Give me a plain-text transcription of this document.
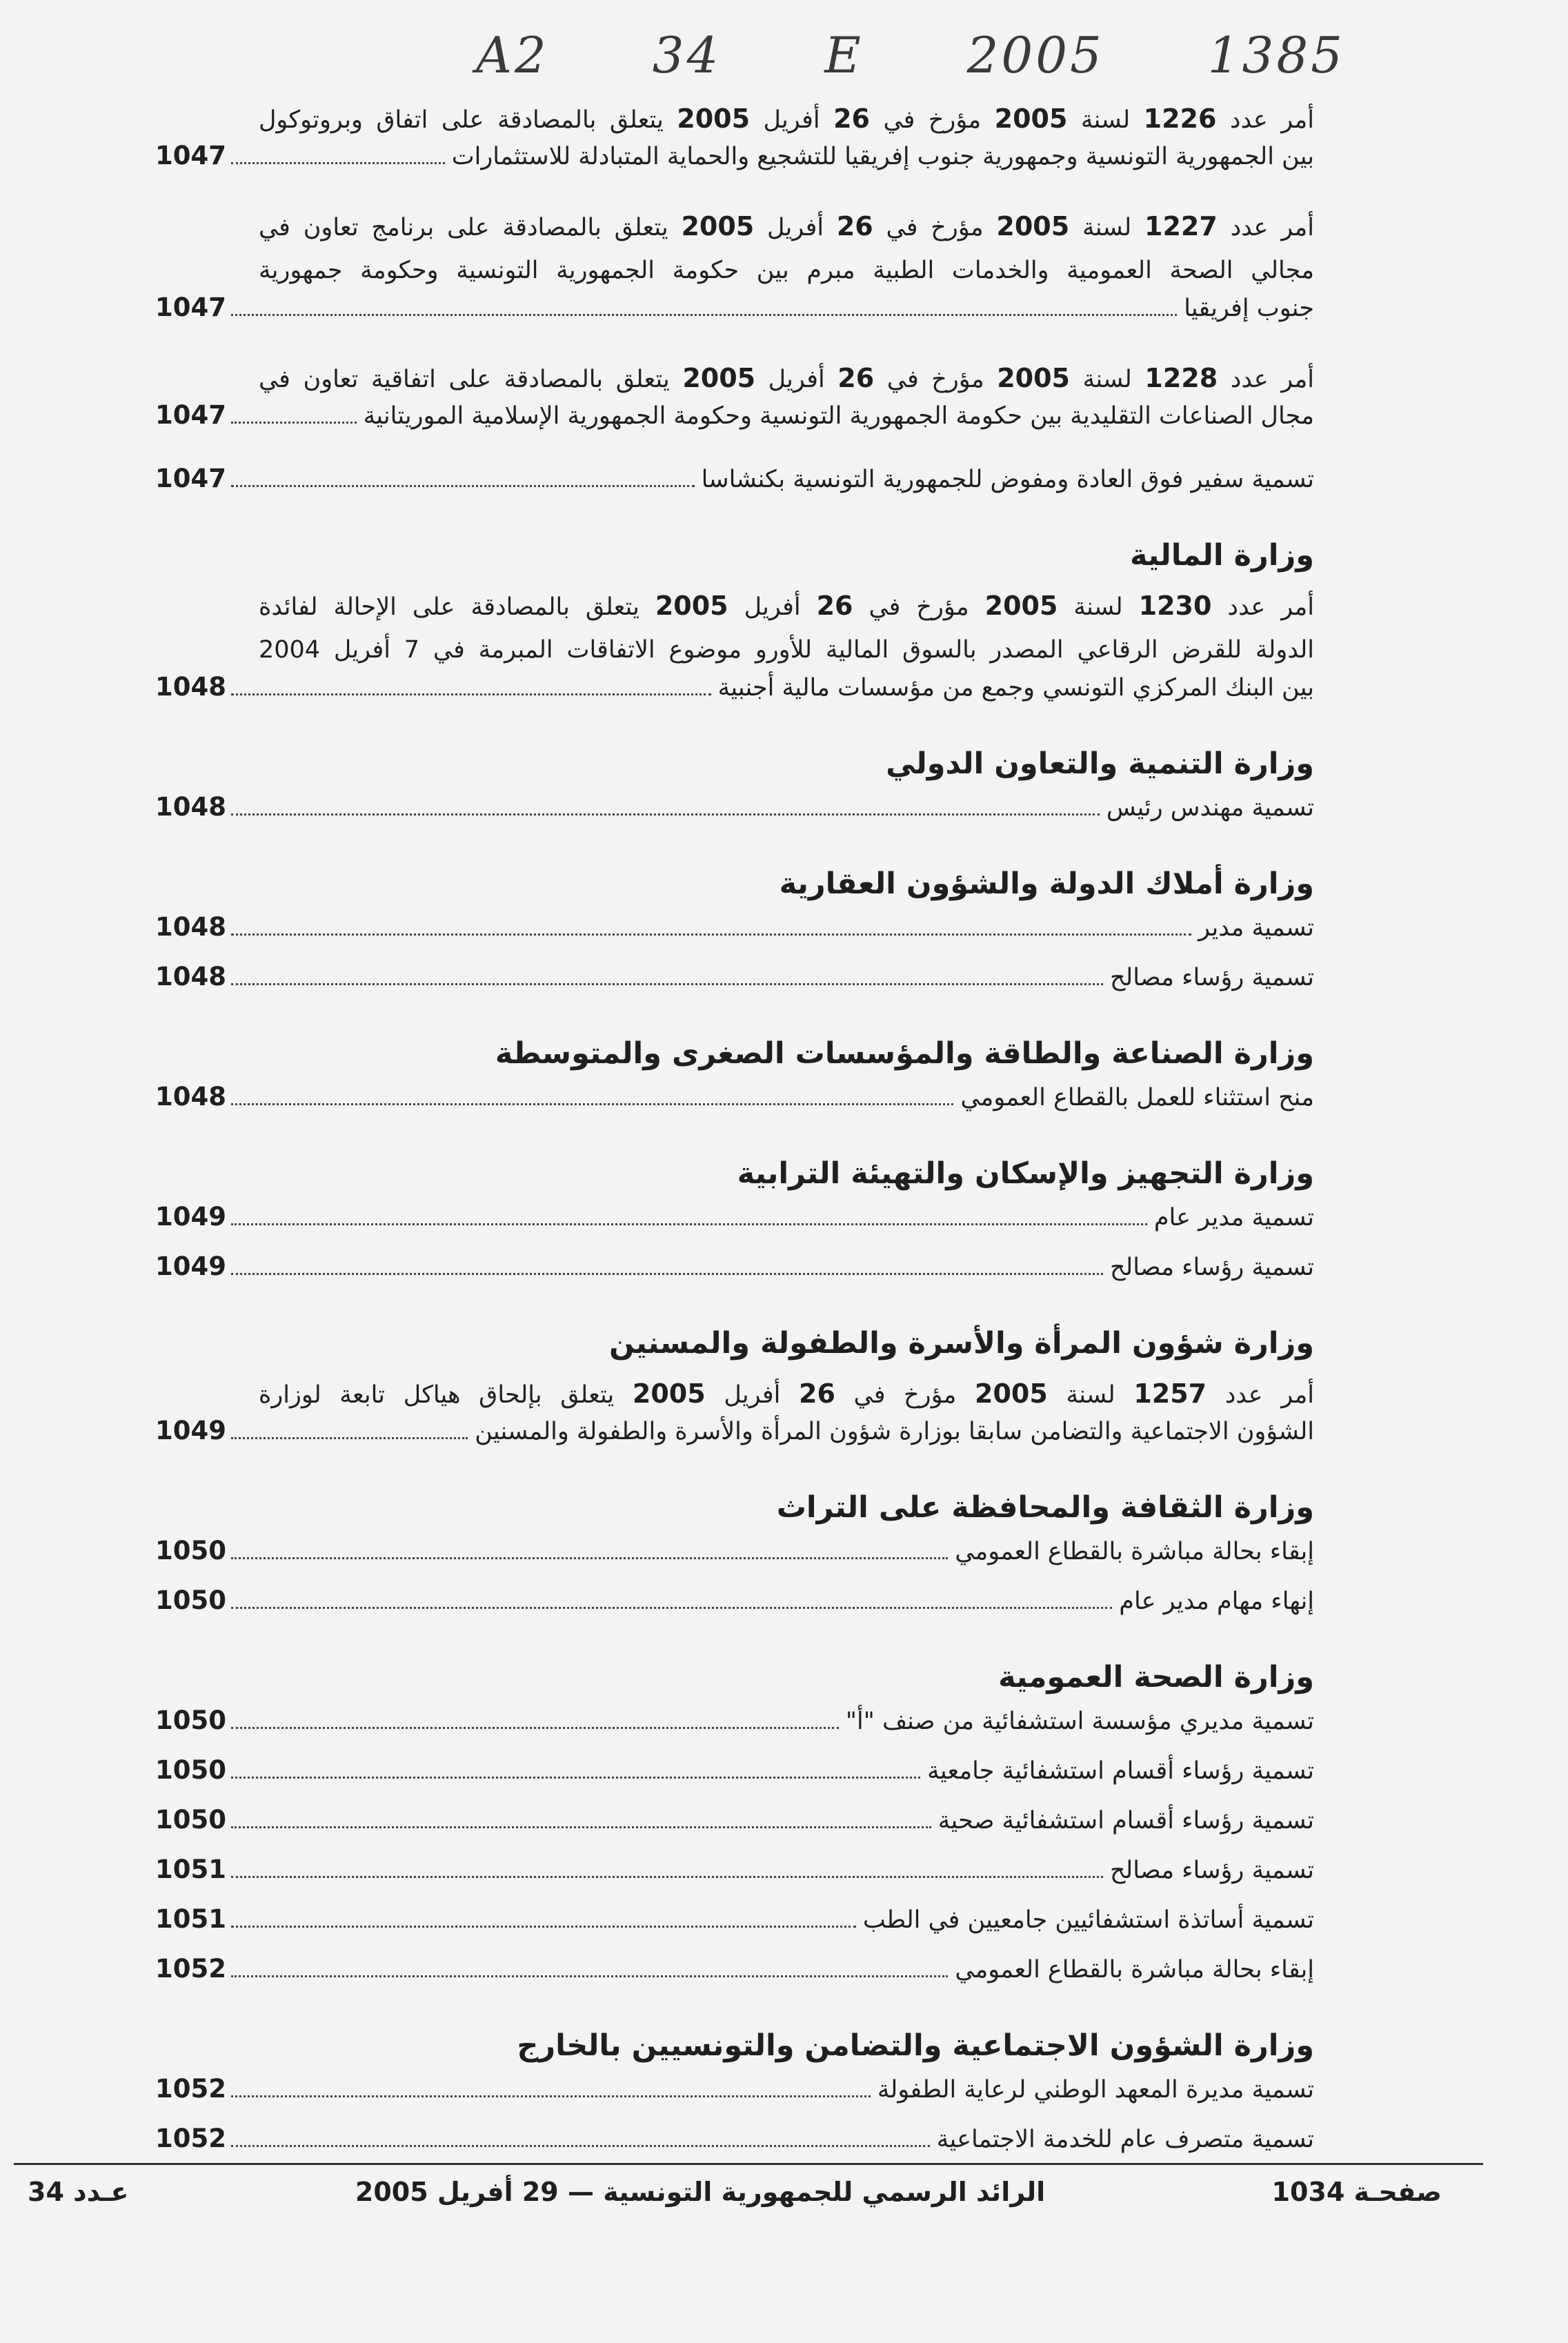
A2 34 E 2005 1385
أمر عدد 1226 لسنة 2005 مؤرخ في 26 أفريل 2005 يتعلق بالمصادقة على اتفاق وبروتوكول
بين الجمهورية التونسية وجمهورية جنوب إفريقيا للتشجيع والحماية المتبادلة للاستثمارات
1047
أمر عدد 1227 لسنة 2005 مؤرخ في 26 أفريل 2005 يتعلق بالمصادقة على برنامج تعاون في
مجالي الصحة العمومية والخدمات الطبية مبرم بين حكومة الجمهورية التونسية وحكومة جمهورية
جنوب إفريقيا
1047
أمر عدد 1228 لسنة 2005 مؤرخ في 26 أفريل 2005 يتعلق بالمصادقة على اتفاقية تعاون في
مجال الصناعات التقليدية بين حكومة الجمهورية التونسية وحكومة الجمهورية الإسلامية الموريتانية
1047
تسمية سفير فوق العادة ومفوض للجمهورية التونسية بكنشاسا
1047
وزارة المالية
أمر عدد 1230 لسنة 2005 مؤرخ في 26 أفريل 2005 يتعلق بالمصادقة على الإحالة لفائدة
الدولة للقرض الرقاعي المصدر بالسوق المالية للأورو موضوع الاتفاقات المبرمة في 7 أفريل 2004
بين البنك المركزي التونسي وجمع من مؤسسات مالية أجنبية
1048
وزارة التنمية والتعاون الدولي
تسمية مهندس رئيس
1048
وزارة أملاك الدولة والشؤون العقارية
تسمية مدير
1048
تسمية رؤساء مصالح
1048
وزارة الصناعة والطاقة والمؤسسات الصغرى والمتوسطة
منح استثناء للعمل بالقطاع العمومي
1048
وزارة التجهيز والإسكان والتهيئة الترابية
تسمية مدير عام
1049
تسمية رؤساء مصالح
1049
وزارة شؤون المرأة والأسرة والطفولة والمسنين
أمر عدد 1257 لسنة 2005 مؤرخ في 26 أفريل 2005 يتعلق بإلحاق هياكل تابعة لوزارة
الشؤون الاجتماعية والتضامن سابقا بوزارة شؤون المرأة والأسرة والطفولة والمسنين
1049
وزارة الثقافة والمحافظة على التراث
إبقاء بحالة مباشرة بالقطاع العمومي
1050
إنهاء مهام مدير عام
1050
وزارة الصحة العمومية
تسمية مديري مؤسسة استشفائية من صنف "أ"
1050
تسمية رؤساء أقسام استشفائية جامعية
1050
تسمية رؤساء أقسام استشفائية صحية
1050
تسمية رؤساء مصالح
1051
تسمية أساتذة استشفائيين جامعيين في الطب
1051
إبقاء بحالة مباشرة بالقطاع العمومي
1052
وزارة الشؤون الاجتماعية والتضامن والتونسيين بالخارج
تسمية مديرة المعهد الوطني لرعاية الطفولة
1052
تسمية متصرف عام للخدمة الاجتماعية
1052
عـدد 34	الرائد الرسمي للجمهورية التونسية — 29 أفريل 2005	صفحـة 1034
